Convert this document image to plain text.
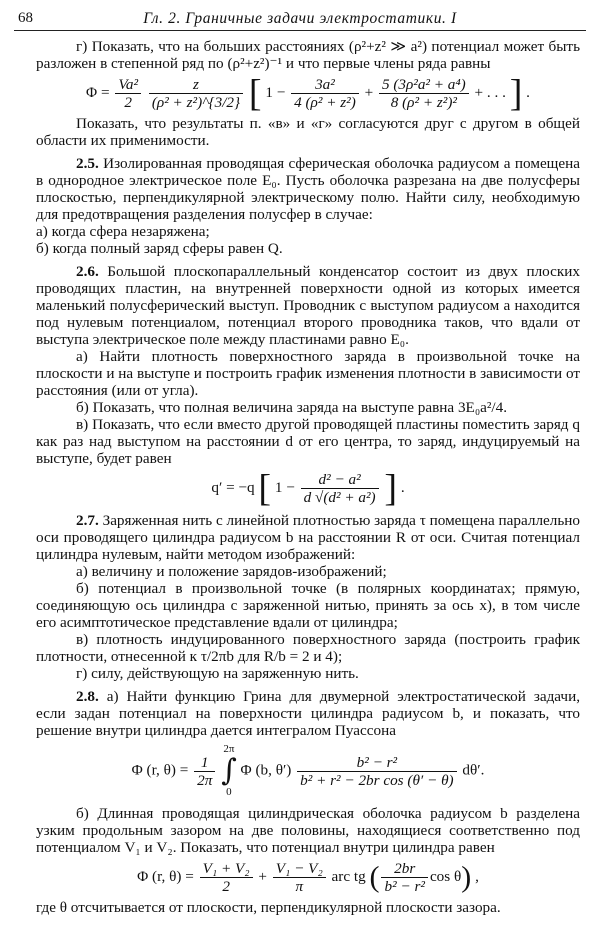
68	Гл. 2. Граничные задачи электростатики. I

г) Показать, что на больших расстояниях (ρ²+z² ≫ a²) потенциал может быть разложен в степенной ряд по (ρ²+z²)⁻¹ и что первые члены ряда равны

$\Phi = \frac{\text{Va²}}{2}$
$\frac{z}{\text{(ρ² + z²)\textasciicircum{}\{3/2\}}}$ [ $1 - \frac{\text{3a²}}{\text{4 (ρ² + z²)}} + \frac{\text{5 (3ρ²a² + a⁴)}}{\text{8 (ρ² + z²)²}}$ + . . . ] .

Показать, что результаты п. «в» и «г» согласуются друг с другом в общей области их применимости.

2.5. Изолированная проводящая сферическая оболочка радиусом a помещена в однородное электрическое поле E₀. Пусть оболочка разрезана на две полусферы плоскостью, перпендикулярной электрическому полю. Найти силу, необходимую для предотвращения разделения полусфер в случае:

а) когда сфера незаряжена;

б) когда полный заряд сферы равен Q.

2.6. Большой плоскопараллельный конденсатор состоит из двух плоских проводящих пластин, на внутренней поверхности одной из которых имеется маленький полусферический выступ. Проводник с выступом радиусом a находится под нулевым потенциалом, потенциал второго проводника таков, что вдали от выступа электрическое поле между пластинами равно E₀.

а) Найти плотность поверхностного заряда в произвольной точке на плоскости и на выступе и построить график изменения плотности в зависимости от расстояния (или от угла).

б) Показать, что полная величина заряда на выступе равна 3E₀a²/4.

в) Показать, что если вместо другой проводящей пластины поместить заряд q как раз над выступом на расстоянии d от его центра, то заряд, индуцируемый на выступе, будет равен

q′ = −q [ $1 - \frac{\text{d² − a²}}{\text{d √(d² + a²)}}$ ] .

2.7. Заряженная нить с линейной плотностью заряда τ помещена параллельно оси проводящего цилиндра радиусом b на расстоянии R от оси. Считая потенциал цилиндра нулевым, найти методом изображений:

а) величину и положение зарядов-изображений;

б) потенциал в произвольной точке (в полярных координатах; прямую, соединяющую ось цилиндра с заряженной нитью, принять за ось x), в том числе его асимптотическое представление вдали от цилиндра;

в) плотность индуцированного поверхностного заряда (построить график плотности, отнесенной к τ/2πb для R/b = 2 и 4);

г) силу, действующую на заряженную нить.

2.8. а) Найти функцию Грина для двумерной электростатической задачи, если задан потенциал на поверхности цилиндра радиусом b, и показать, что решение внутри цилиндра дается интегралом Пуассона

Φ (r, $\theta) = \frac{1}{2\pi}$

2π
∫
0
Φ (b, $\theta') \frac{\text{b² − r²}}{\text{b² + r² − 2br cos (θ′ − θ)}} d\theta'$.

б) Длинная проводящая цилиндрическая оболочка радиусом b разделена узким продольным зазором на две половины, находящиеся соответственно под потенциалом V₁ и V₂. Показать, что потенциал внутри цилиндра равен

Φ (r, $\theta) = \frac{\text{V₁ + V₂}}{2} + \frac{\text{V₁ − V₂}}{\pi}$ arc tg ( $\frac{2br}{\text{b² − r²}}$ cos θ) ,

где θ отсчитывается от плоскости, перпендикулярной плоскости зазора.
